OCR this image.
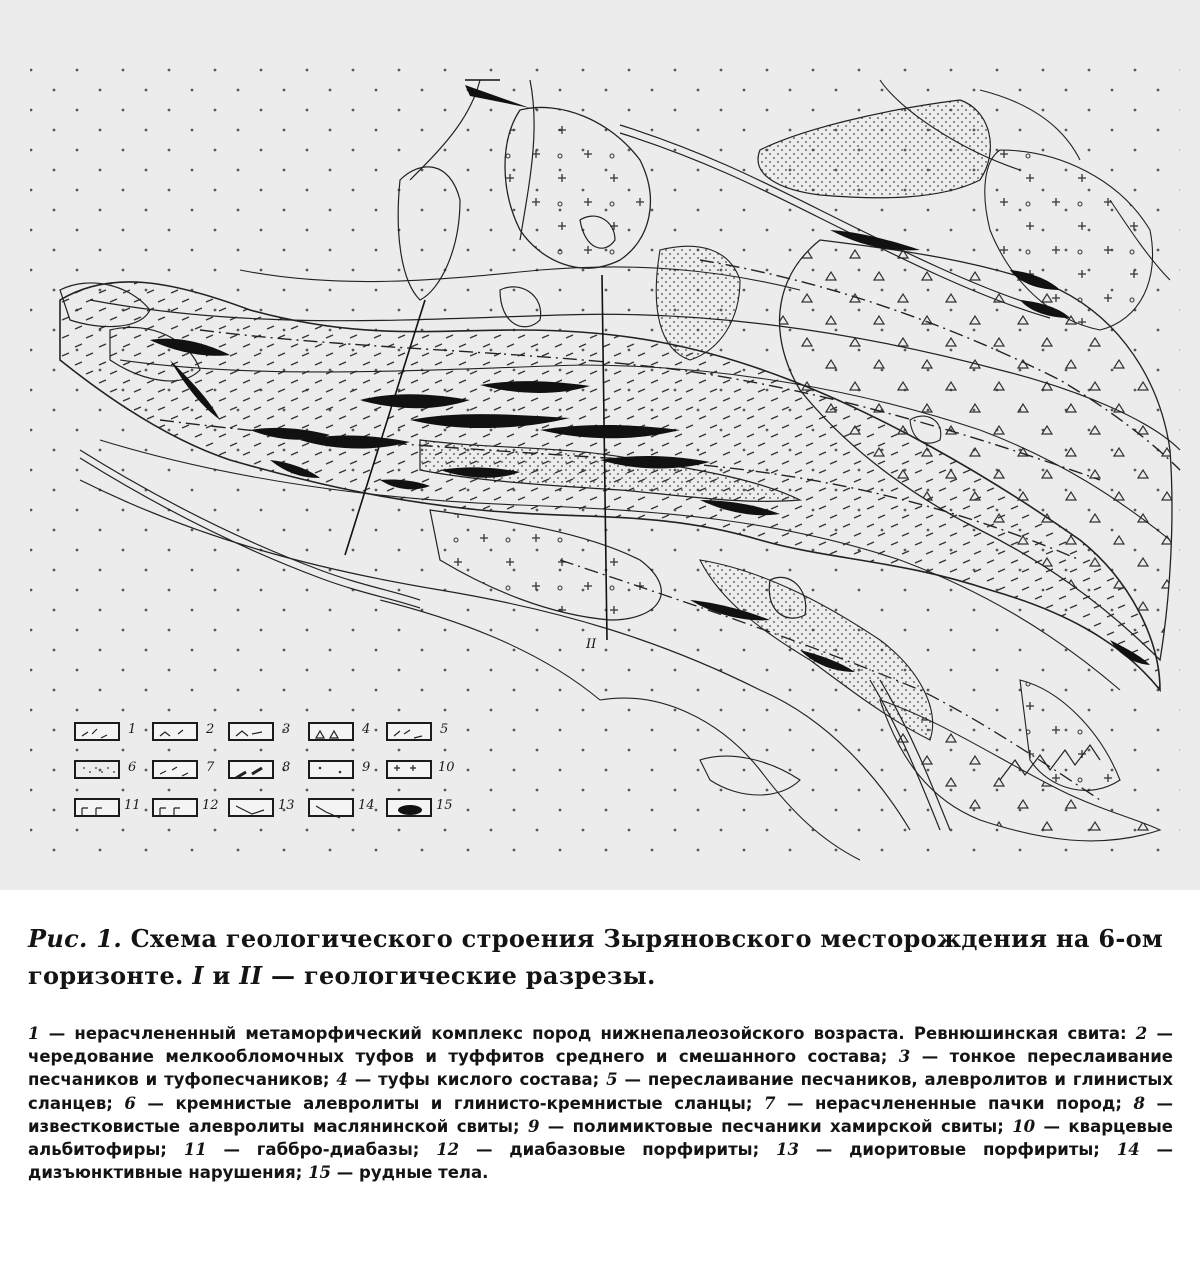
II
1	2	3	4	5
6	7	8	9	10
11	12	13	14	15

Рис. 1. Схема геологического строения Зыряновского месторождения на 6-ом горизонте. I и II — геологические разрезы.

1 — нерасчлененный метаморфический комплекс пород нижнепалеозойского возраста. Ревнюшинская свита: 2 — чередование мелкообломочных туфов и туффитов среднего и смешанного состава; 3 — тонкое переслаивание песчаников и туфопесчаников; 4 — туфы кислого состава; 5 — переслаивание песчаников, алевролитов и глинистых сланцев; 6 — кремнистые алевролиты и глинисто-кремнистые сланцы; 7 — нерасчлененные пачки пород; 8 — известковистые алевролиты маслянинской свиты; 9 — полимиктовые песчаники хамирской свиты; 10 — кварцевые альбитофиры; 11 — габбро-диабазы; 12 — диабазовые порфириты; 13 — диоритовые порфириты; 14 — дизъюнктивные нарушения; 15 — рудные тела.
